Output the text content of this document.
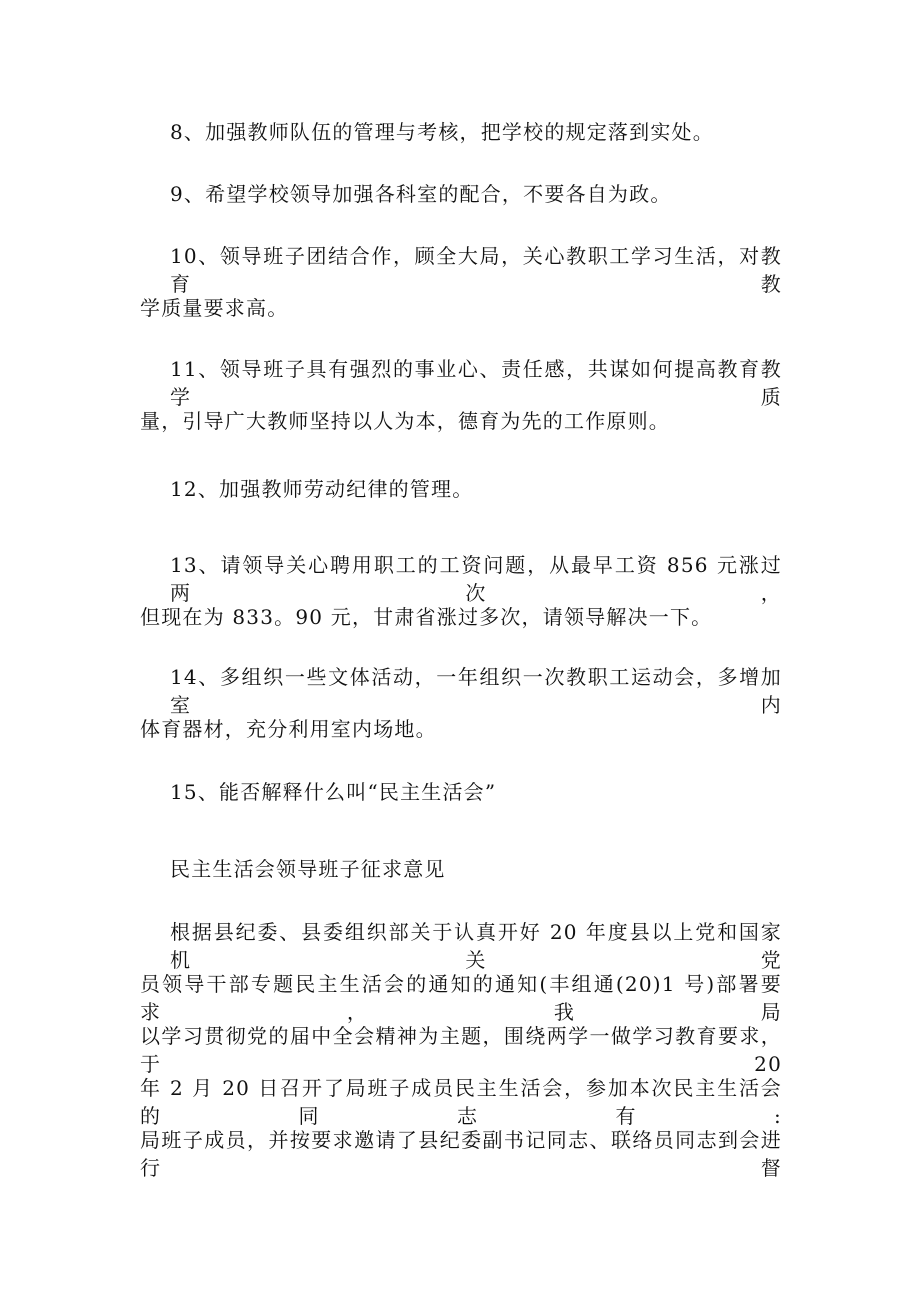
8、加强教师队伍的管理与考核，把学校的规定落到实处。
9、希望学校领导加强各科室的配合，不要各自为政。
10、领导班子团结合作，顾全大局，关心教职工学习生活，对教育教
学质量要求高。
11、领导班子具有强烈的事业心、责任感，共谋如何提高教育教学质
量，引导广大教师坚持以人为本，德育为先的工作原则。
12、加强教师劳动纪律的管理。
13、请领导关心聘用职工的工资问题，从最早工资 856 元涨过两次，
但现在为 833。90 元，甘肃省涨过多次，请领导解决一下。
14、多组织一些文体活动，一年组织一次教职工运动会，多增加室内
体育器材，充分利用室内场地。
15、能否解释什么叫“民主生活会”
民主生活会领导班子征求意见
根据县纪委、县委组织部关于认真开好 20 年度县以上党和国家机关党
员领导干部专题民主生活会的通知的通知(丰组通(20)1 号)部署要求，我局
以学习贯彻党的届中全会精神为主题，围绕两学一做学习教育要求，于 20
年 2 月 20 日召开了局班子成员民主生活会，参加本次民主生活会的同志有:
局班子成员，并按要求邀请了县纪委副书记同志、联络员同志到会进行督
